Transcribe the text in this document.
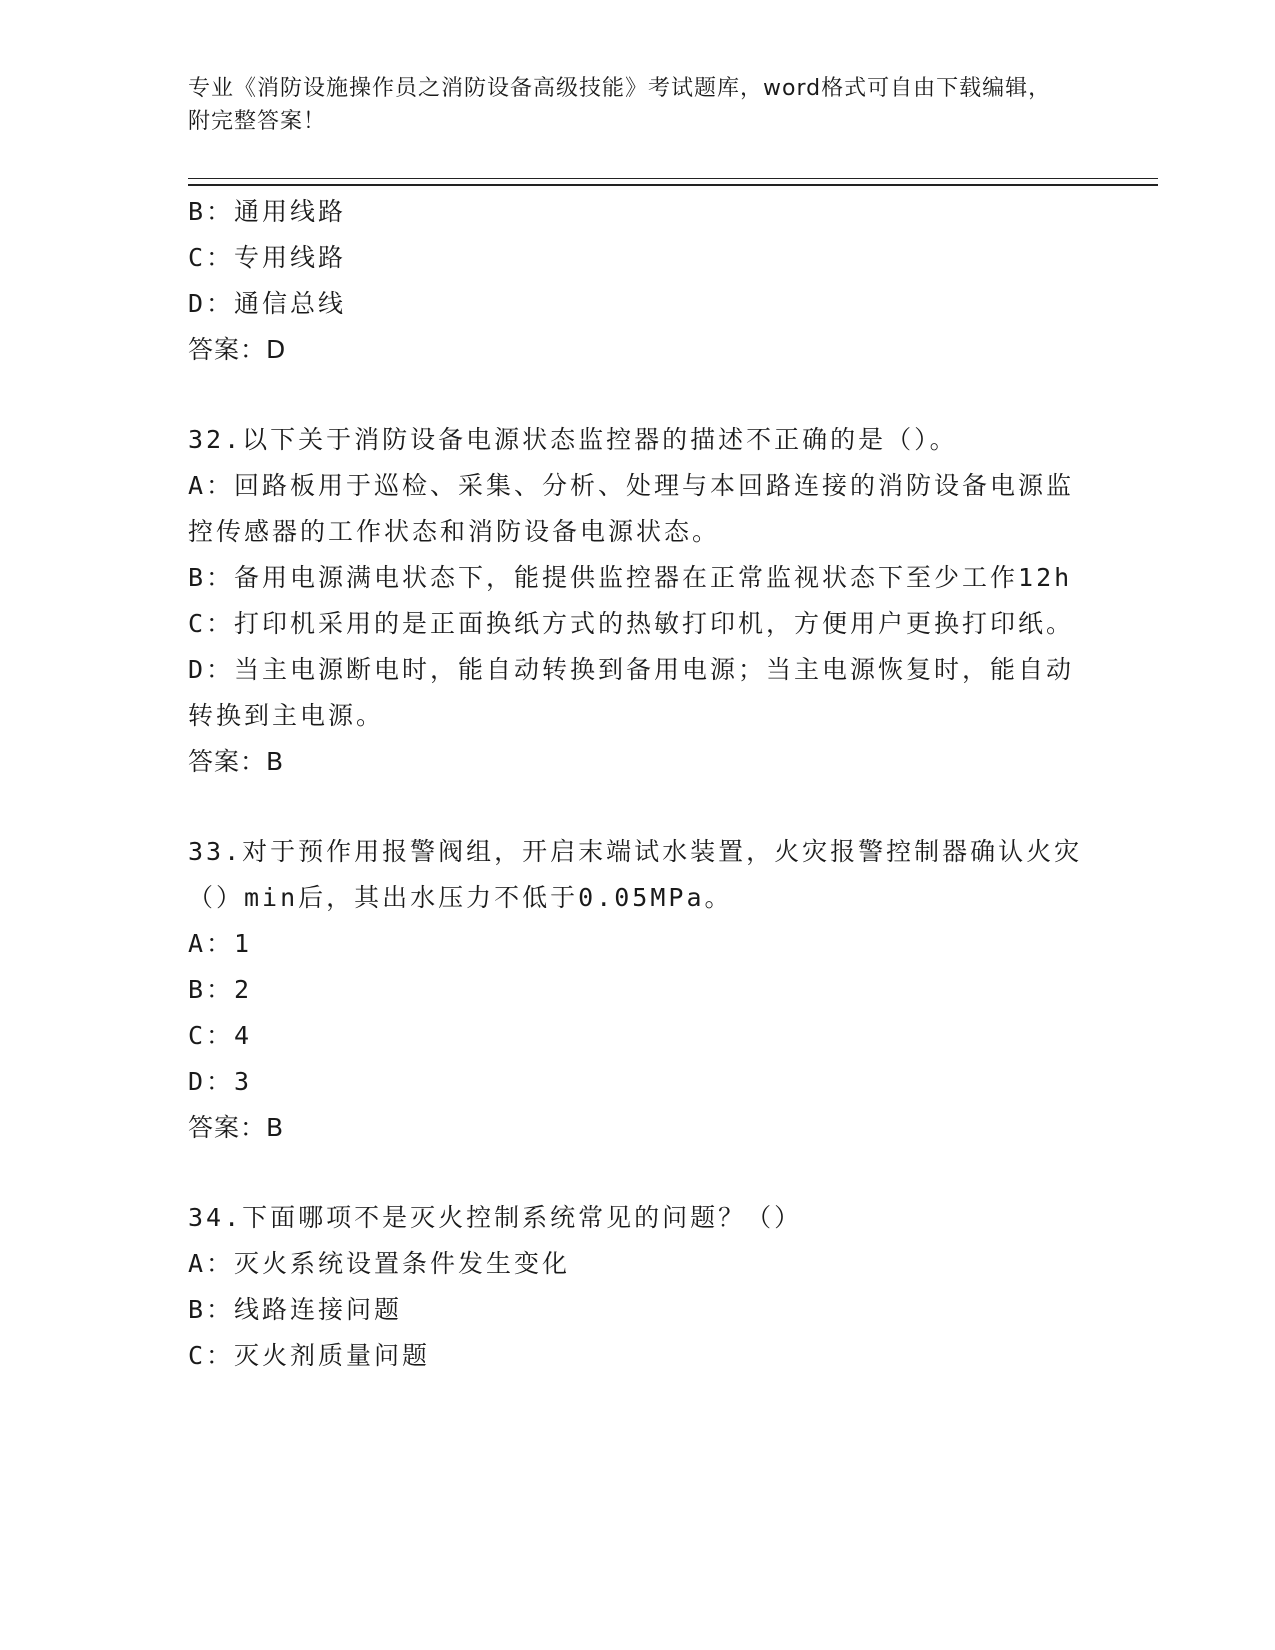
专业《消防设施操作员之消防设备高级技能》考试题库，word格式可自由下载编辑，附完整答案！
B：通用线路
C：专用线路
D：通信总线
答案：D
32.以下关于消防设备电源状态监控器的描述不正确的是（）。
A：回路板用于巡检、采集、分析、处理与本回路连接的消防设备电源监控传感器的工作状态和消防设备电源状态。
B：备用电源满电状态下，能提供监控器在正常监视状态下至少工作12h
C：打印机采用的是正面换纸方式的热敏打印机，方便用户更换打印纸。
D：当主电源断电时，能自动转换到备用电源；当主电源恢复时，能自动转换到主电源。
答案：B
33.对于预作用报警阀组，开启末端试水装置，火灾报警控制器确认火灾（）min后，其出水压力不低于0.05MPa。
A：1
B：2
C：4
D：3
答案：B
34.下面哪项不是灭火控制系统常见的问题？（）
A：灭火系统设置条件发生变化
B：线路连接问题
C：灭火剂质量问题
